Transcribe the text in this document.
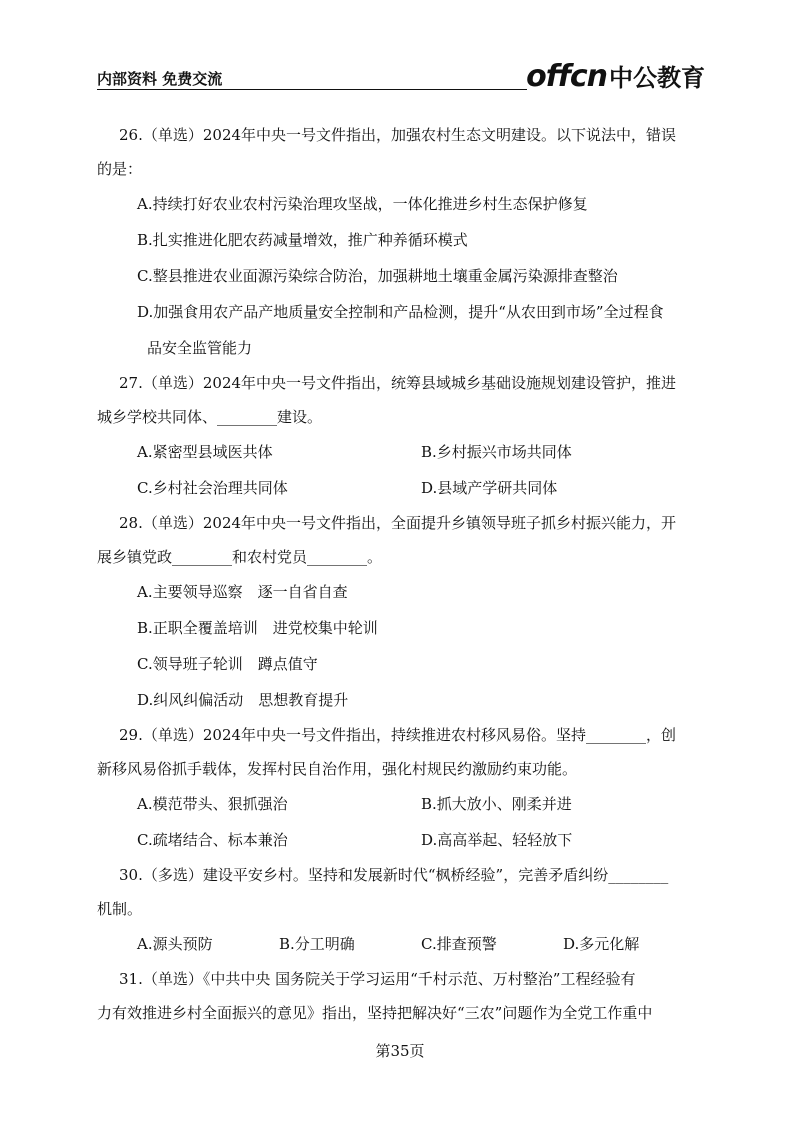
内部资料 免费交流	offcn 中公教育

26.（单选）2024年中央一号文件指出，加强农村生态文明建设。以下说法中，错误

的是：

A.持续打好农业农村污染治理攻坚战，一体化推进乡村生态保护修复

B.扎实推进化肥农药减量增效，推广种养循环模式

C.整县推进农业面源污染综合防治，加强耕地土壤重金属污染源排查整治

D.加强食用农产品产地质量安全控制和产品检测，提升“从农田到市场”全过程食

品安全监管能力

27.（单选）2024年中央一号文件指出，统筹县域城乡基础设施规划建设管护，推进

城乡学校共同体、________建设。

A.紧密型县域医共体	B.乡村振兴市场共同体
C.乡村社会治理共同体	D.县域产学研共同体

28.（单选）2024年中央一号文件指出，全面提升乡镇领导班子抓乡村振兴能力，开

展乡镇党政________和农村党员________。

A.主要领导巡察　逐一自省自查

B.正职全覆盖培训　进党校集中轮训

C.领导班子轮训　蹲点值守

D.纠风纠偏活动　思想教育提升

29.（单选）2024年中央一号文件指出，持续推进农村移风易俗。坚持________，创

新移风易俗抓手载体，发挥村民自治作用，强化村规民约激励约束功能。

A.模范带头、狠抓强治	B.抓大放小、刚柔并进
C.疏堵结合、标本兼治	D.高高举起、轻轻放下

30.（多选）建设平安乡村。坚持和发展新时代“枫桥经验”，完善矛盾纠纷________

机制。

A.源头预防	B.分工明确	C.排查预警	D.多元化解

31.（单选）《中共中央 国务院关于学习运用“千村示范、万村整治”工程经验有

力有效推进乡村全面振兴的意见》指出，坚持把解决好“三农”问题作为全党工作重中

第35页
